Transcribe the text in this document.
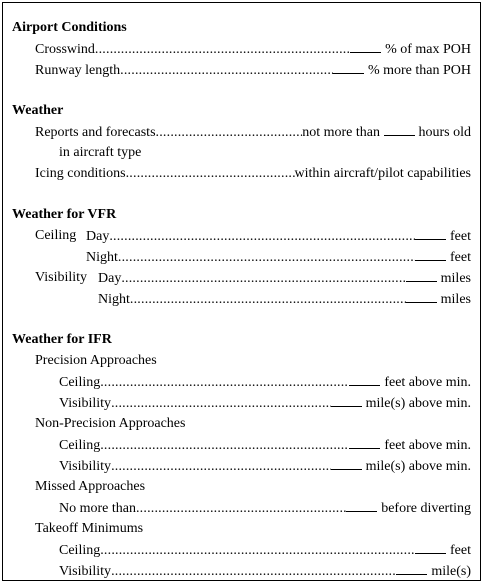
Airport Conditions
Crosswind .....	% of max POH
Runway length .....	% more than POH
Weather
Reports and forecasts .....	not more than	hours old
in aircraft type
Icing conditions .....	within aircraft/pilot capabilities
Weather for VFR
Ceiling Day .....	feet
Night .....	feet
Visibility Day .....	miles
Night .....	miles
Weather for IFR
Precision Approaches
Ceiling .....	feet above min.
Visibility .....	mile(s) above min.
Non-Precision Approaches
Ceiling .....	feet above min.
Visibility .....	mile(s) above min.
Missed Approaches
No more than .....	before diverting
Takeoff Minimums
Ceiling .....	feet
Visibility .....	mile(s)
